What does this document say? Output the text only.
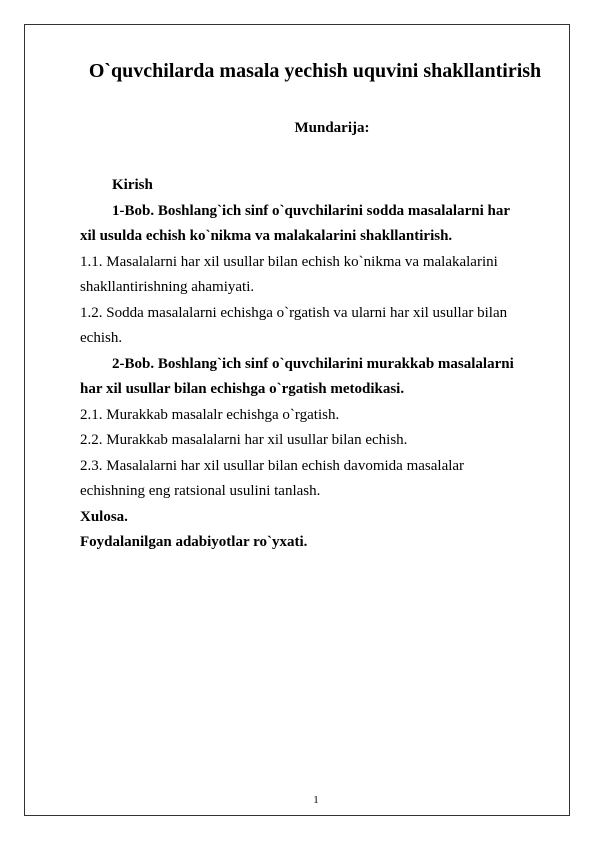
O`quvchilarda masala yechish uquvini shakllantirish
Mundarija:
Kirish
1-Bob. Boshlang`ich sinf o`quvchilarini sodda masalalarni har
xil usulda echish ko`nikma va malakalarini shakllantirish.
1.1. Masalalarni har xil usullar bilan echish ko`nikma va malakalarini
shakllantirishning ahamiyati.
1.2. Sodda masalalarni echishga o`rgatish va ularni har xil usullar bilan
echish.
2-Bob. Boshlang`ich sinf o`quvchilarini murakkab masalalarni
har xil usullar bilan echishga o`rgatish metodikasi.
2.1. Murakkab masalalr echishga o`rgatish.
2.2. Murakkab masalalarni har xil usullar bilan echish.
2.3. Masalalarni har xil usullar bilan echish davomida masalalar
echishning eng ratsional usulini tanlash.
Xulosa.
Foydalanilgan adabiyotlar ro`yxati.
1
